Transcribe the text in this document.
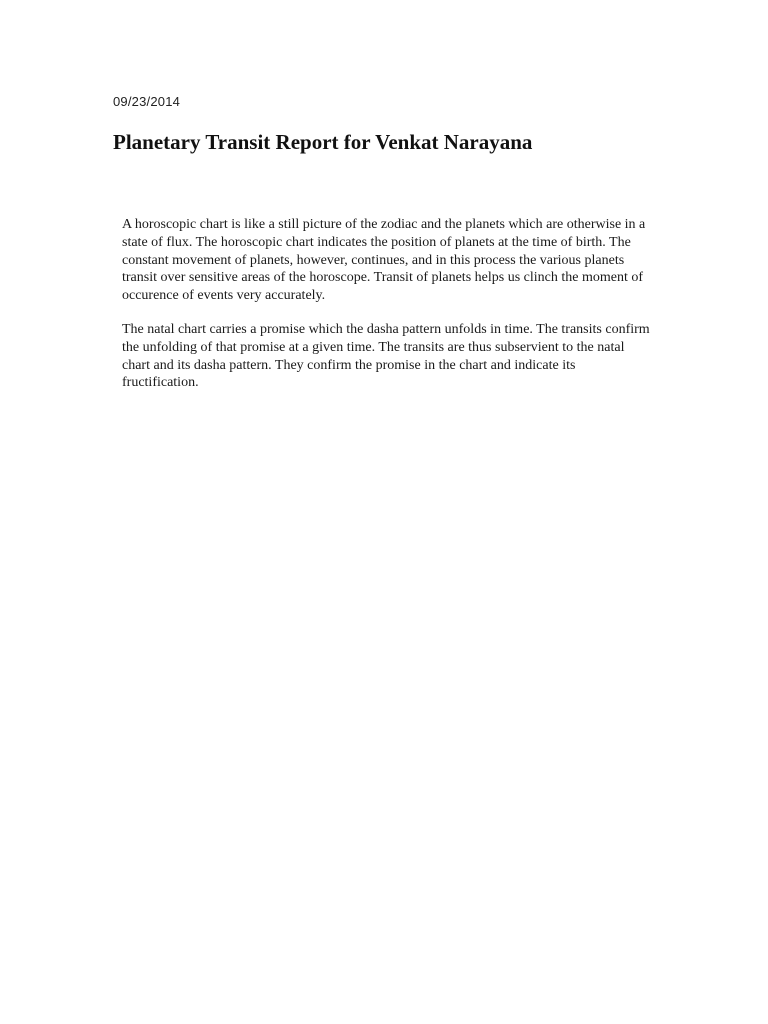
09/23/2014
Planetary Transit Report for Venkat Narayana

A horoscopic chart is like a still picture of the zodiac and the planets which are otherwise in a state of flux. The horoscopic chart indicates the position of planets at the time of birth. The constant movement of planets, however, continues, and in this process the various planets transit over sensitive areas of the horoscope. Transit of planets helps us clinch the moment of occurence of events very accurately.

The natal chart carries a promise which the dasha pattern unfolds in time. The transits confirm the unfolding of that promise at a given time. The transits are thus subservient to the natal chart and its dasha pattern. They confirm the promise in the chart and indicate its fructification.
